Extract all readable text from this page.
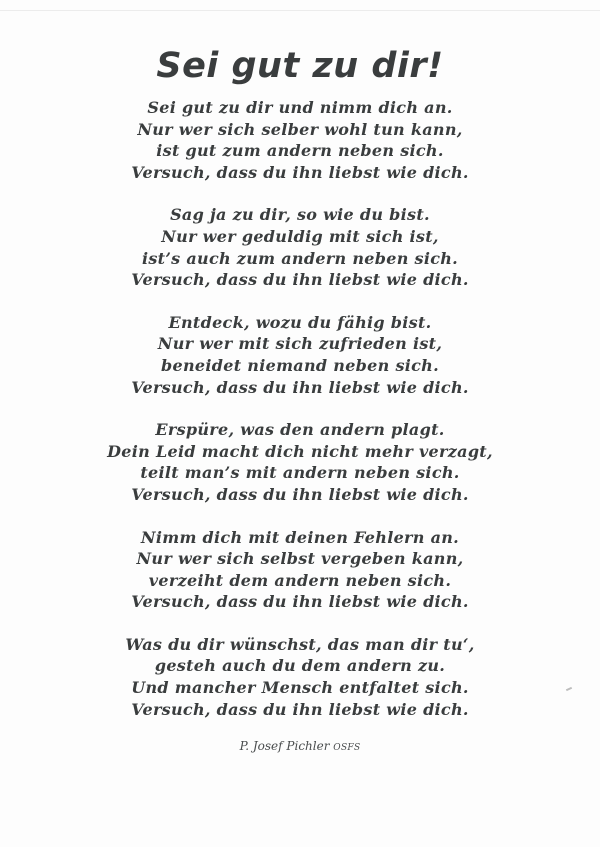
Sei gut zu dir!
Sei gut zu dir und nimm dich an.
Nur wer sich selber wohl tun kann,
ist gut zum andern neben sich.
Versuch, dass du ihn liebst wie dich.
Sag ja zu dir, so wie du bist.
Nur wer geduldig mit sich ist,
ist’s auch zum andern neben sich.
Versuch, dass du ihn liebst wie dich.
Entdeck, wozu du fähig bist.
Nur wer mit sich zufrieden ist,
beneidet niemand neben sich.
Versuch, dass du ihn liebst wie dich.
Erspüre, was den andern plagt.
Dein Leid macht dich nicht mehr verzagt,
teilt man’s mit andern neben sich.
Versuch, dass du ihn liebst wie dich.
Nimm dich mit deinen Fehlern an.
Nur wer sich selbst vergeben kann,
verzeiht dem andern neben sich.
Versuch, dass du ihn liebst wie dich.
Was du dir wünschst, das man dir tu‘,
gesteh auch du dem andern zu.
Und mancher Mensch entfaltet sich.
Versuch, dass du ihn liebst wie dich.
P. Josef Pichler OSFS
